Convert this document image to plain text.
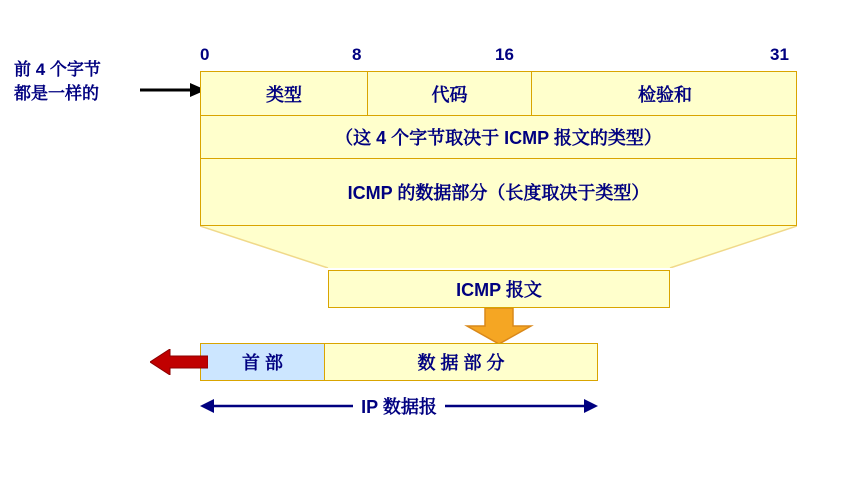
前 4 个字节
都是一样的
0	8	16	31
类型	代码	检验和
（这 4 个字节取决于 ICMP 报文的类型）
ICMP 的数据部分（长度取决于类型）
ICMP 报文
首 部	数 据 部 分
IP 数据报
